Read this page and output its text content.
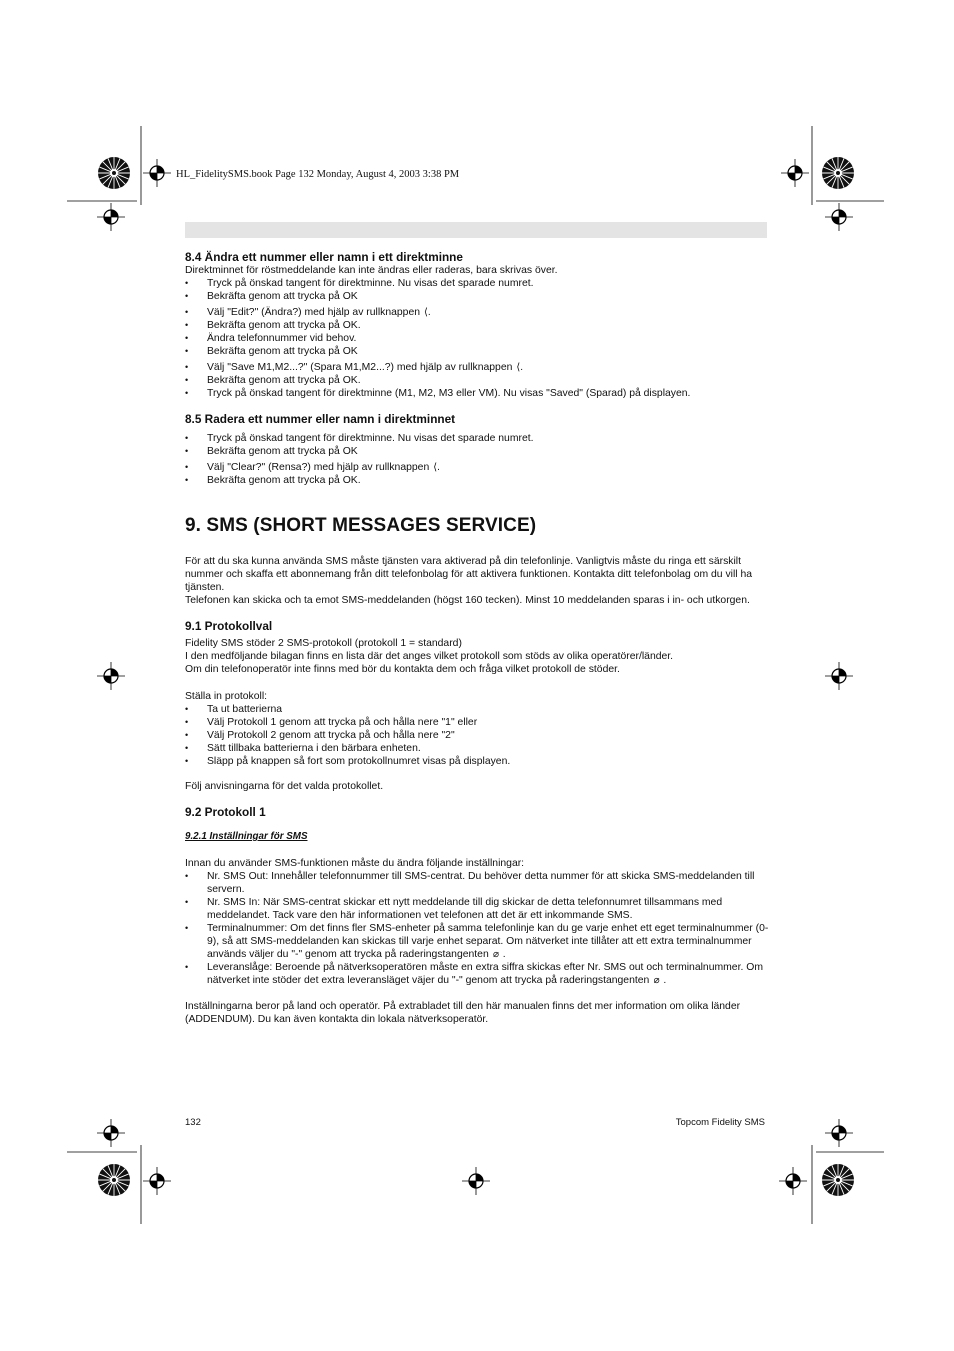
HL_FidelitySMS.book Page 132 Monday, August 4, 2003 3:38 PM
8.4 Ändra ett nummer eller namn i ett direktminne

Direktminnet för röstmeddelande kan inte ändras eller raderas, bara skrivas över.

• Tryck på önskad tangent för direktminne. Nu visas det sparade numret.
• Bekräfta genom att trycka på OK
• Välj "Edit?" (Ändra?) med hjälp av rullknappen ⟨.
• Bekräfta genom att trycka på OK.
• Ändra telefonnummer vid behov.
• Bekräfta genom att trycka på OK
• Välj "Save M1,M2...?" (Spara M1,M2...?) med hjälp av rullknappen ⟨.
• Bekräfta genom att trycka på OK.
• Tryck på önskad tangent för direktminne (M1, M2, M3 eller VM). Nu visas "Saved" (Sparad) på displayen.
8.5 Radera ett nummer eller namn i direktminnet
• Tryck på önskad tangent för direktminne. Nu visas det sparade numret.
• Bekräfta genom att trycka på OK
• Välj "Clear?" (Rensa?) med hjälp av rullknappen ⟨.
• Bekräfta genom att trycka på OK.
9. SMS (SHORT MESSAGES SERVICE)

För att du ska kunna använda SMS måste tjänsten vara aktiverad på din telefonlinje. Vanligtvis måste du ringa ett särskilt nummer och skaffa ett abonnemang från ditt telefonbolag för att aktivera funktionen. Kontakta ditt telefonbolag om du vill ha tjänsten.

Telefonen kan skicka och ta emot SMS-meddelanden (högst 160 tecken). Minst 10 meddelanden sparas i in- och utkorgen.

9.1 Protokollval

Fidelity SMS stöder 2 SMS-protokoll (protokoll 1 = standard)

I den medföljande bilagan finns en lista där det anges vilket protokoll som stöds av olika operatörer/länder.

Om din telefonoperatör inte finns med bör du kontakta dem och fråga vilket protokoll de stöder.

Ställa in protokoll:

• Ta ut batterierna
• Välj Protokoll 1 genom att trycka på och hålla nere "1" eller
• Välj Protokoll 2 genom att trycka på och hålla nere "2"
• Sätt tillbaka batterierna i den bärbara enheten.
• Släpp på knappen så fort som protokollnumret visas på displayen.

Följ anvisningarna för det valda protokollet.

9.2 Protokoll 1
9.2.1 Inställningar för SMS

Innan du använder SMS-funktionen måste du ändra följande inställningar:

• Nr. SMS Out: Innehåller telefonnummer till SMS-centrat. Du behöver detta nummer för att skicka SMS-meddelanden till servern.
• Nr. SMS In: När SMS-centrat skickar ett nytt meddelande till dig skickar de detta telefonnumret tillsammans med meddelandet. Tack vare den här informationen vet telefonen att det är ett inkommande SMS.
• Terminalnummer: Om det finns fler SMS-enheter på samma telefonlinje kan du ge varje enhet ett eget terminalnummer (0-9), så att SMS-meddelanden kan skickas till varje enhet separat. Om nätverket inte tillåter att ett extra terminalnummer används väljer du "-" genom att trycka på raderingstangenten ⌀ .
• Leveranslåge: Beroende på nätverksoperatören måste en extra siffra skickas efter Nr. SMS out och terminalnummer. Om nätverket inte stöder det extra leveransläget väjer du "-" genom att trycka på raderingstangenten ⌀ .

Inställningarna beror på land och operatör. På extrabladet till den här manualen finns det mer information om olika länder (ADDENDUM). Du kan även kontakta din lokala nätverksoperatör.

132	Topcom Fidelity SMS
